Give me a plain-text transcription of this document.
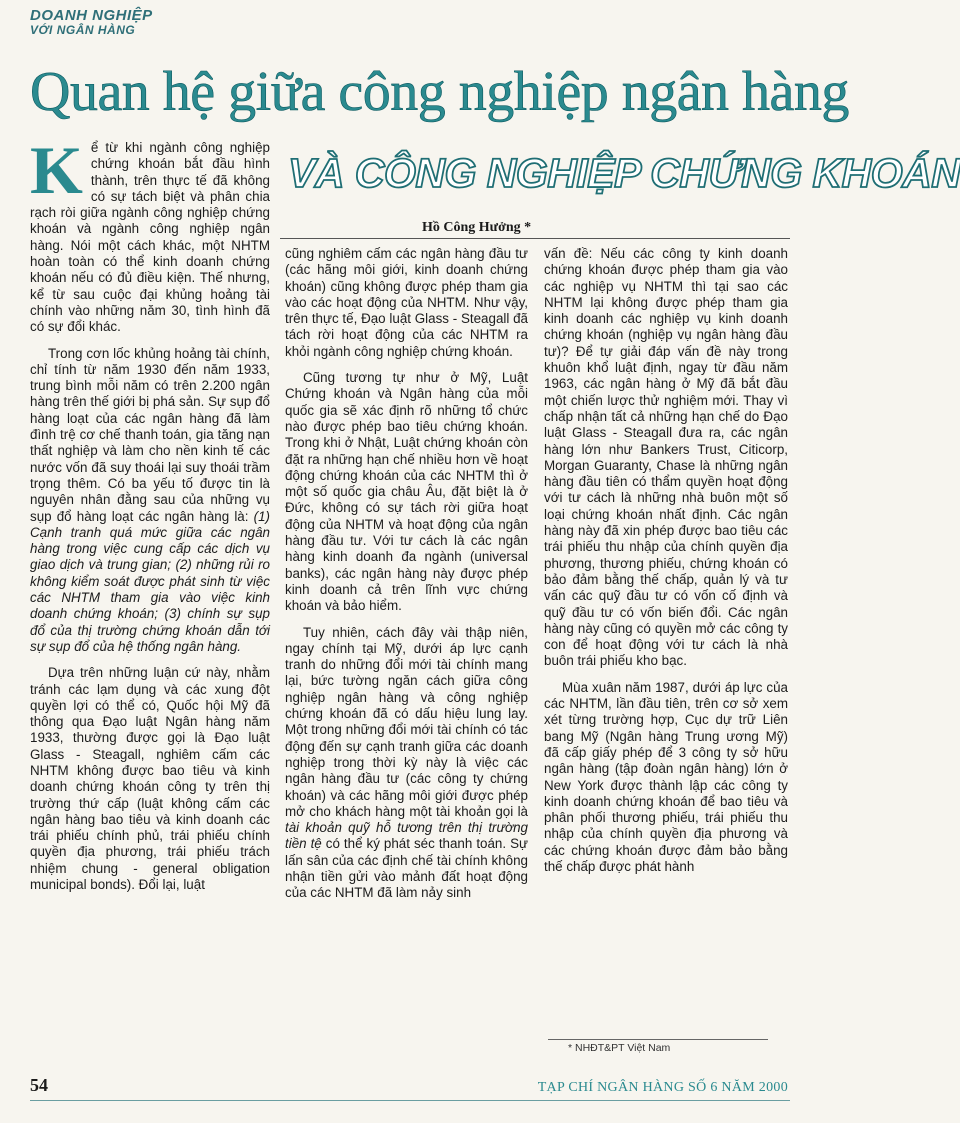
DOANH NGHIỆP
VỚI NGÂN HÀNG
Quan hệ giữa công nghiệp ngân hàng
VÀ CÔNG NGHIỆP CHỨNG KHOÁN
Hồ Công Hưởng *

Kể từ khi ngành công nghiệp chứng khoán bắt đầu hình thành, trên thực tế đã không có sự tách biệt và phân chia rạch ròi giữa ngành công nghiệp chứng khoán và ngành công nghiệp ngân hàng. Nói một cách khác, một NHTM hoàn toàn có thể kinh doanh chứng khoán nếu có đủ điều kiện. Thế nhưng, kể từ sau cuộc đại khủng hoảng tài chính vào những năm 30, tình hình đã có sự đổi khác.

Trong cơn lốc khủng hoảng tài chính, chỉ tính từ năm 1930 đến năm 1933, trung bình mỗi năm có trên 2.200 ngân hàng trên thế giới bị phá sản. Sự sụp đổ hàng loạt của các ngân hàng đã làm đình trệ cơ chế thanh toán, gia tăng nạn thất nghiệp và làm cho nền kinh tế các nước vốn đã suy thoái lại suy thoái trầm trọng thêm. Có ba yếu tố được tin là nguyên nhân đằng sau của những vụ sụp đổ hàng loạt các ngân hàng là: (1) Cạnh tranh quá mức giữa các ngân hàng trong việc cung cấp các dịch vụ giao dịch và trung gian; (2) những rủi ro không kiểm soát được phát sinh từ việc các NHTM tham gia vào việc kinh doanh chứng khoán; (3) chính sự sụp đổ của thị trường chứng khoán dẫn tới sự sụp đổ của hệ thống ngân hàng.

Dựa trên những luận cứ này, nhằm tránh các lạm dụng và các xung đột quyền lợi có thể có, Quốc hội Mỹ đã thông qua Đạo luật Ngân hàng năm 1933, thường được gọi là Đạo luật Glass - Steagall, nghiêm cấm các NHTM không được bao tiêu và kinh doanh chứng khoán công ty trên thị trường thứ cấp (luật không cấm các ngân hàng bao tiêu và kinh doanh các trái phiếu chính phủ, trái phiếu chính quyền địa phương, trái phiếu trách nhiệm chung - general obligation municipal bonds). Đổi lại, luật

cũng nghiêm cấm các ngân hàng đầu tư (các hãng môi giới, kinh doanh chứng khoán) cũng không được phép tham gia vào các hoạt động của NHTM. Như vậy, trên thực tế, Đạo luật Glass - Steagall đã tách rời hoạt động của các NHTM ra khỏi ngành công nghiệp chứng khoán.

Cũng tương tự như ở Mỹ, Luật Chứng khoán và Ngân hàng của mỗi quốc gia sẽ xác định rõ những tổ chức nào được phép bao tiêu chứng khoán. Trong khi ở Nhật, Luật chứng khoán còn đặt ra những hạn chế nhiều hơn về hoạt động chứng khoán của các NHTM thì ở một số quốc gia châu Âu, đặt biệt là ở Đức, không có sự tách rời giữa hoạt động của NHTM và hoạt động của ngân hàng đầu tư. Với tư cách là các ngân hàng kinh doanh đa ngành (universal banks), các ngân hàng này được phép kinh doanh cả trên lĩnh vực chứng khoán và bảo hiểm.

Tuy nhiên, cách đây vài thập niên, ngay chính tại Mỹ, dưới áp lực cạnh tranh do những đổi mới tài chính mang lại, bức tường ngăn cách giữa công nghiệp ngân hàng và công nghiệp chứng khoán đã có dấu hiệu lung lay. Một trong những đổi mới tài chính có tác động đến sự cạnh tranh giữa các doanh nghiệp trong thời kỳ này là việc các ngân hàng đầu tư (các công ty chứng khoán) và các hãng môi giới được phép mở cho khách hàng một tài khoản gọi là tài khoản quỹ hỗ tương trên thị trường tiền tệ có thể ký phát séc thanh toán. Sự lấn sân của các định chế tài chính không nhận tiền gửi vào mảnh đất hoạt động của các NHTM đã làm nảy sinh

vấn đề: Nếu các công ty kinh doanh chứng khoán được phép tham gia vào các nghiệp vụ NHTM thì tại sao các NHTM lại không được phép tham gia kinh doanh các nghiệp vụ kinh doanh chứng khoán (nghiệp vụ ngân hàng đầu tư)? Để tự giải đáp vấn đề này trong khuôn khổ luật định, ngay từ đầu năm 1963, các ngân hàng ở Mỹ đã bắt đầu một chiến lược thử nghiệm mới. Thay vì chấp nhận tất cả những hạn chế do Đạo luật Glass - Steagall đưa ra, các ngân hàng lớn như Bankers Trust, Citicorp, Morgan Guaranty, Chase là những ngân hàng đầu tiên có thẩm quyền hoạt động với tư cách là những nhà buôn một số loại chứng khoán nhất định. Các ngân hàng này đã xin phép được bao tiêu các trái phiếu thu nhập của chính quyền địa phương, thương phiếu, chứng khoán có bảo đảm bằng thế chấp, quản lý và tư vấn các quỹ đầu tư có vốn cố định và quỹ đầu tư có vốn biến đổi. Các ngân hàng này cũng có quyền mở các công ty con để hoạt động với tư cách là nhà buôn trái phiếu kho bạc.

Mùa xuân năm 1987, dưới áp lực của các NHTM, lần đầu tiên, trên cơ sở xem xét từng trường hợp, Cục dự trữ Liên bang Mỹ (Ngân hàng Trung ương Mỹ) đã cấp giấy phép để 3 công ty sở hữu ngân hàng (tập đoàn ngân hàng) lớn ở New York được thành lập các công ty kinh doanh chứng khoán để bao tiêu và phân phối thương phiếu, trái phiếu thu nhập của chính quyền địa phương và các chứng khoán được đảm bảo bằng thế chấp được phát hành

* NHĐT&PT Việt Nam
54	TẠP CHÍ NGÂN HÀNG SỐ 6 NĂM 2000
